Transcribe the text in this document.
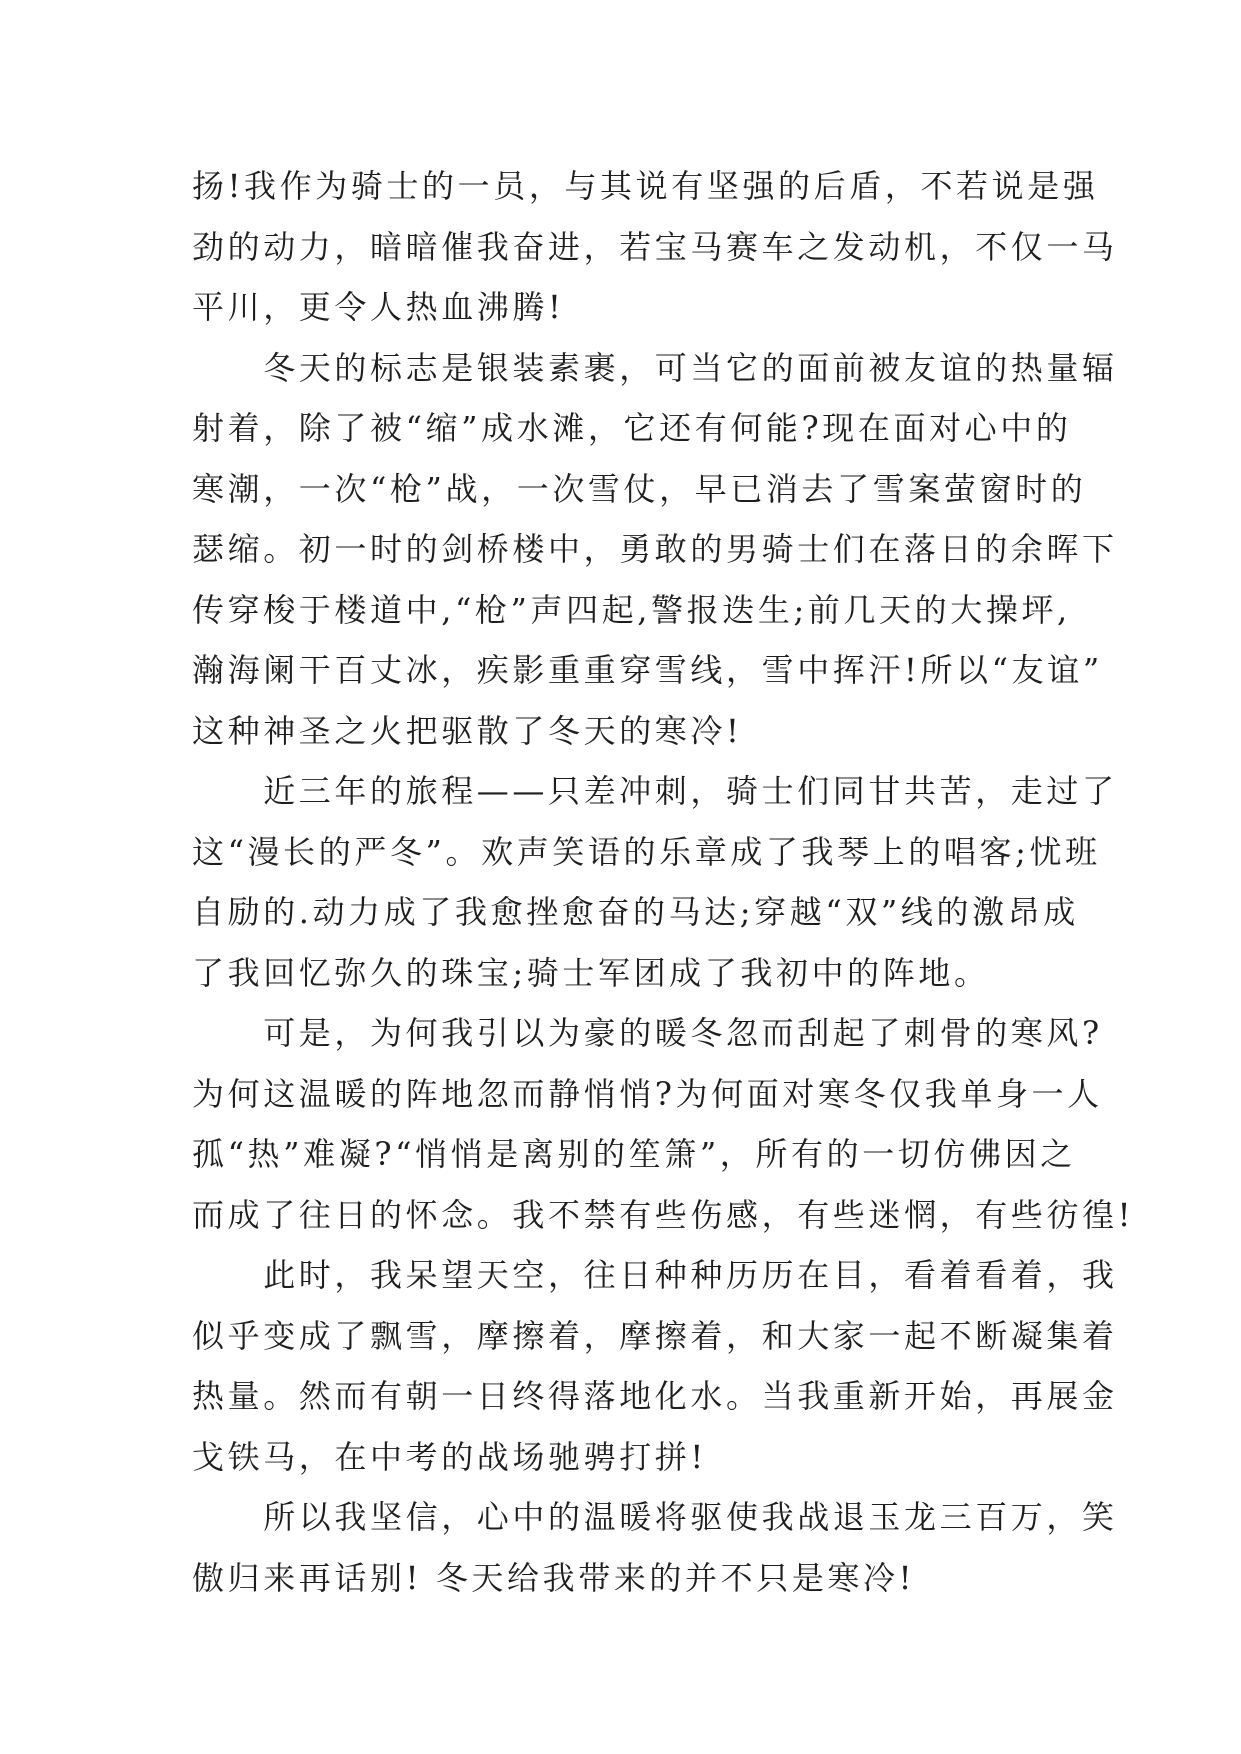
扬!我作为骑士的一员，与其说有坚强的后盾，不若说是强
劲的动力，暗暗催我奋进，若宝马赛车之发动机，不仅一马
平川，更令人热血沸腾!
　　冬天的标志是银装素裹，可当它的面前被友谊的热量辐
射着，除了被“缩”成水滩，它还有何能?现在面对心中的
寒潮，一次“枪”战，一次雪仗，早已消去了雪案萤窗时的
瑟缩。初一时的剑桥楼中，勇敢的男骑士们在落日的余晖下
传穿梭于楼道中,“枪”声四起,警报迭生;前几天的大操坪,
瀚海阑干百丈冰，疾影重重穿雪线，雪中挥汗!所以“友谊”
这种神圣之火把驱散了冬天的寒冷!
　　近三年的旅程——只差冲刺，骑士们同甘共苦，走过了
这“漫长的严冬”。欢声笑语的乐章成了我琴上的唱客;忧班
自励的.动力成了我愈挫愈奋的马达;穿越“双”线的激昂成
了我回忆弥久的珠宝;骑士军团成了我初中的阵地。
　　可是，为何我引以为豪的暖冬忽而刮起了刺骨的寒风?
为何这温暖的阵地忽而静悄悄?为何面对寒冬仅我单身一人
孤“热”难凝?“悄悄是离别的笙箫”，所有的一切仿佛因之
而成了往日的怀念。我不禁有些伤感，有些迷惘，有些彷徨!
　　此时，我呆望天空，往日种种历历在目，看着看着，我
似乎变成了飘雪，摩擦着，摩擦着，和大家一起不断凝集着
热量。然而有朝一日终得落地化水。当我重新开始，再展金
戈铁马，在中考的战场驰骋打拼!
　　所以我坚信，心中的温暖将驱使我战退玉龙三百万，笑
傲归来再话别! 冬天给我带来的并不只是寒冷!
